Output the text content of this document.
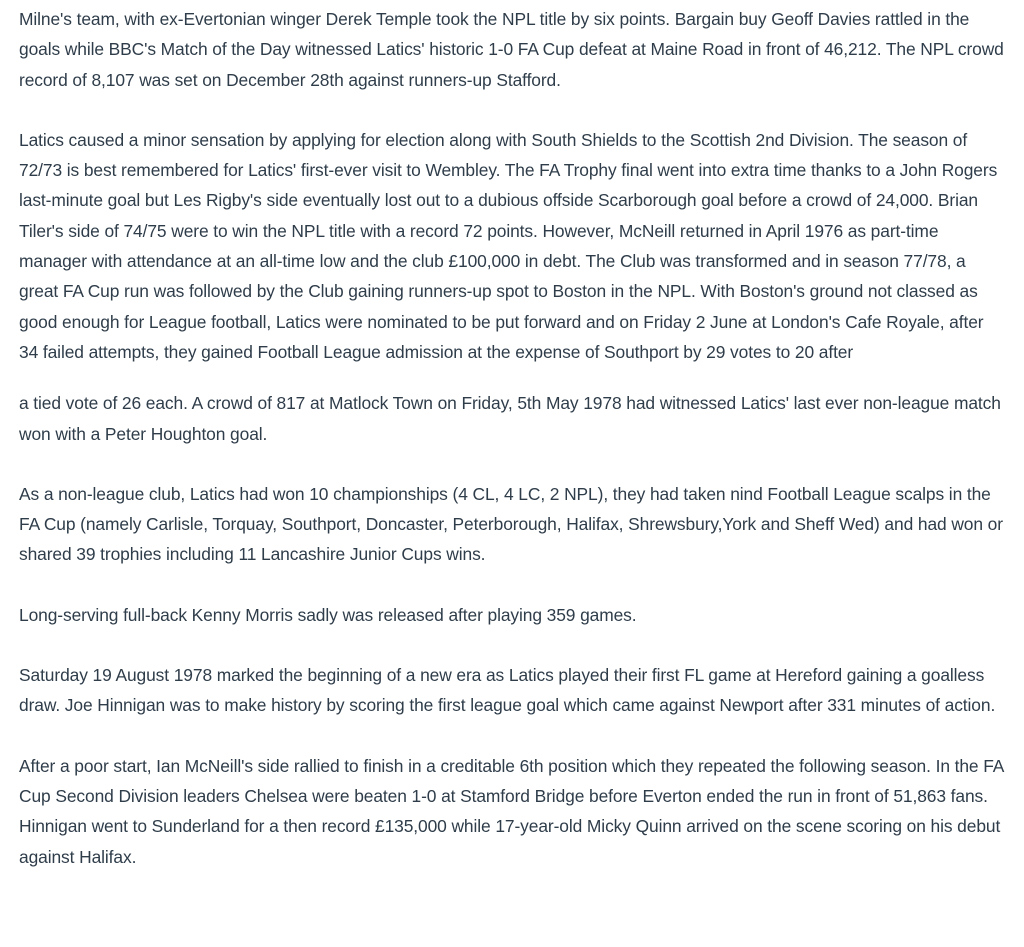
Milne's team, with ex-Evertonian winger Derek Temple took the NPL title by six points. Bargain buy Geoff Davies rattled in the goals while BBC's Match of the Day witnessed Latics' historic 1-0 FA Cup defeat at Maine Road in front of 46,212. The NPL crowd record of 8,107 was set on December 28th against runners-up Stafford.

Latics caused a minor sensation by applying for election along with South Shields to the Scottish 2nd Division. The season of 72/73 is best remembered for Latics' first-ever visit to Wembley. The FA Trophy final went into extra time thanks to a John Rogers last-minute goal but Les Rigby's side eventually lost out to a dubious offside Scarborough goal before a crowd of 24,000. Brian Tiler's side of 74/75 were to win the NPL title with a record 72 points. However, McNeill returned in April 1976 as part-time manager with attendance at an all-time low and the club £100,000 in debt. The Club was transformed and in season 77/78, a great FA Cup run was followed by the Club gaining runners-up spot to Boston in the NPL. With Boston's ground not classed as good enough for League football, Latics were nominated to be put forward and on Friday 2 June at London's Cafe Royale, after 34 failed attempts, they gained Football League admission at the expense of Southport by 29 votes to 20 after

a tied vote of 26 each. A crowd of 817 at Matlock Town on Friday, 5th May 1978 had witnessed Latics' last ever non-league match won with a Peter Houghton goal.

As a non-league club, Latics had won 10 championships (4 CL, 4 LC, 2 NPL), they had taken nind Football League scalps in the FA Cup (namely Carlisle, Torquay, Southport, Doncaster, Peterborough, Halifax, Shrewsbury,York and Sheff Wed) and had won or shared 39 trophies including 11 Lancashire Junior Cups wins.

Long-serving full-back Kenny Morris sadly was released after playing 359 games.

Saturday 19 August 1978 marked the beginning of a new era as Latics played their first FL game at Hereford gaining a goalless draw. Joe Hinnigan was to make history by scoring the first league goal which came against Newport after 331 minutes of action.

After a poor start, Ian McNeill's side rallied to finish in a creditable 6th position which they repeated the following season. In the FA Cup Second Division leaders Chelsea were beaten 1-0 at Stamford Bridge before Everton ended the run in front of 51,863 fans. Hinnigan went to Sunderland for a then record £135,000 while 17-year-old Micky Quinn arrived on the scene scoring on his debut against Halifax.
